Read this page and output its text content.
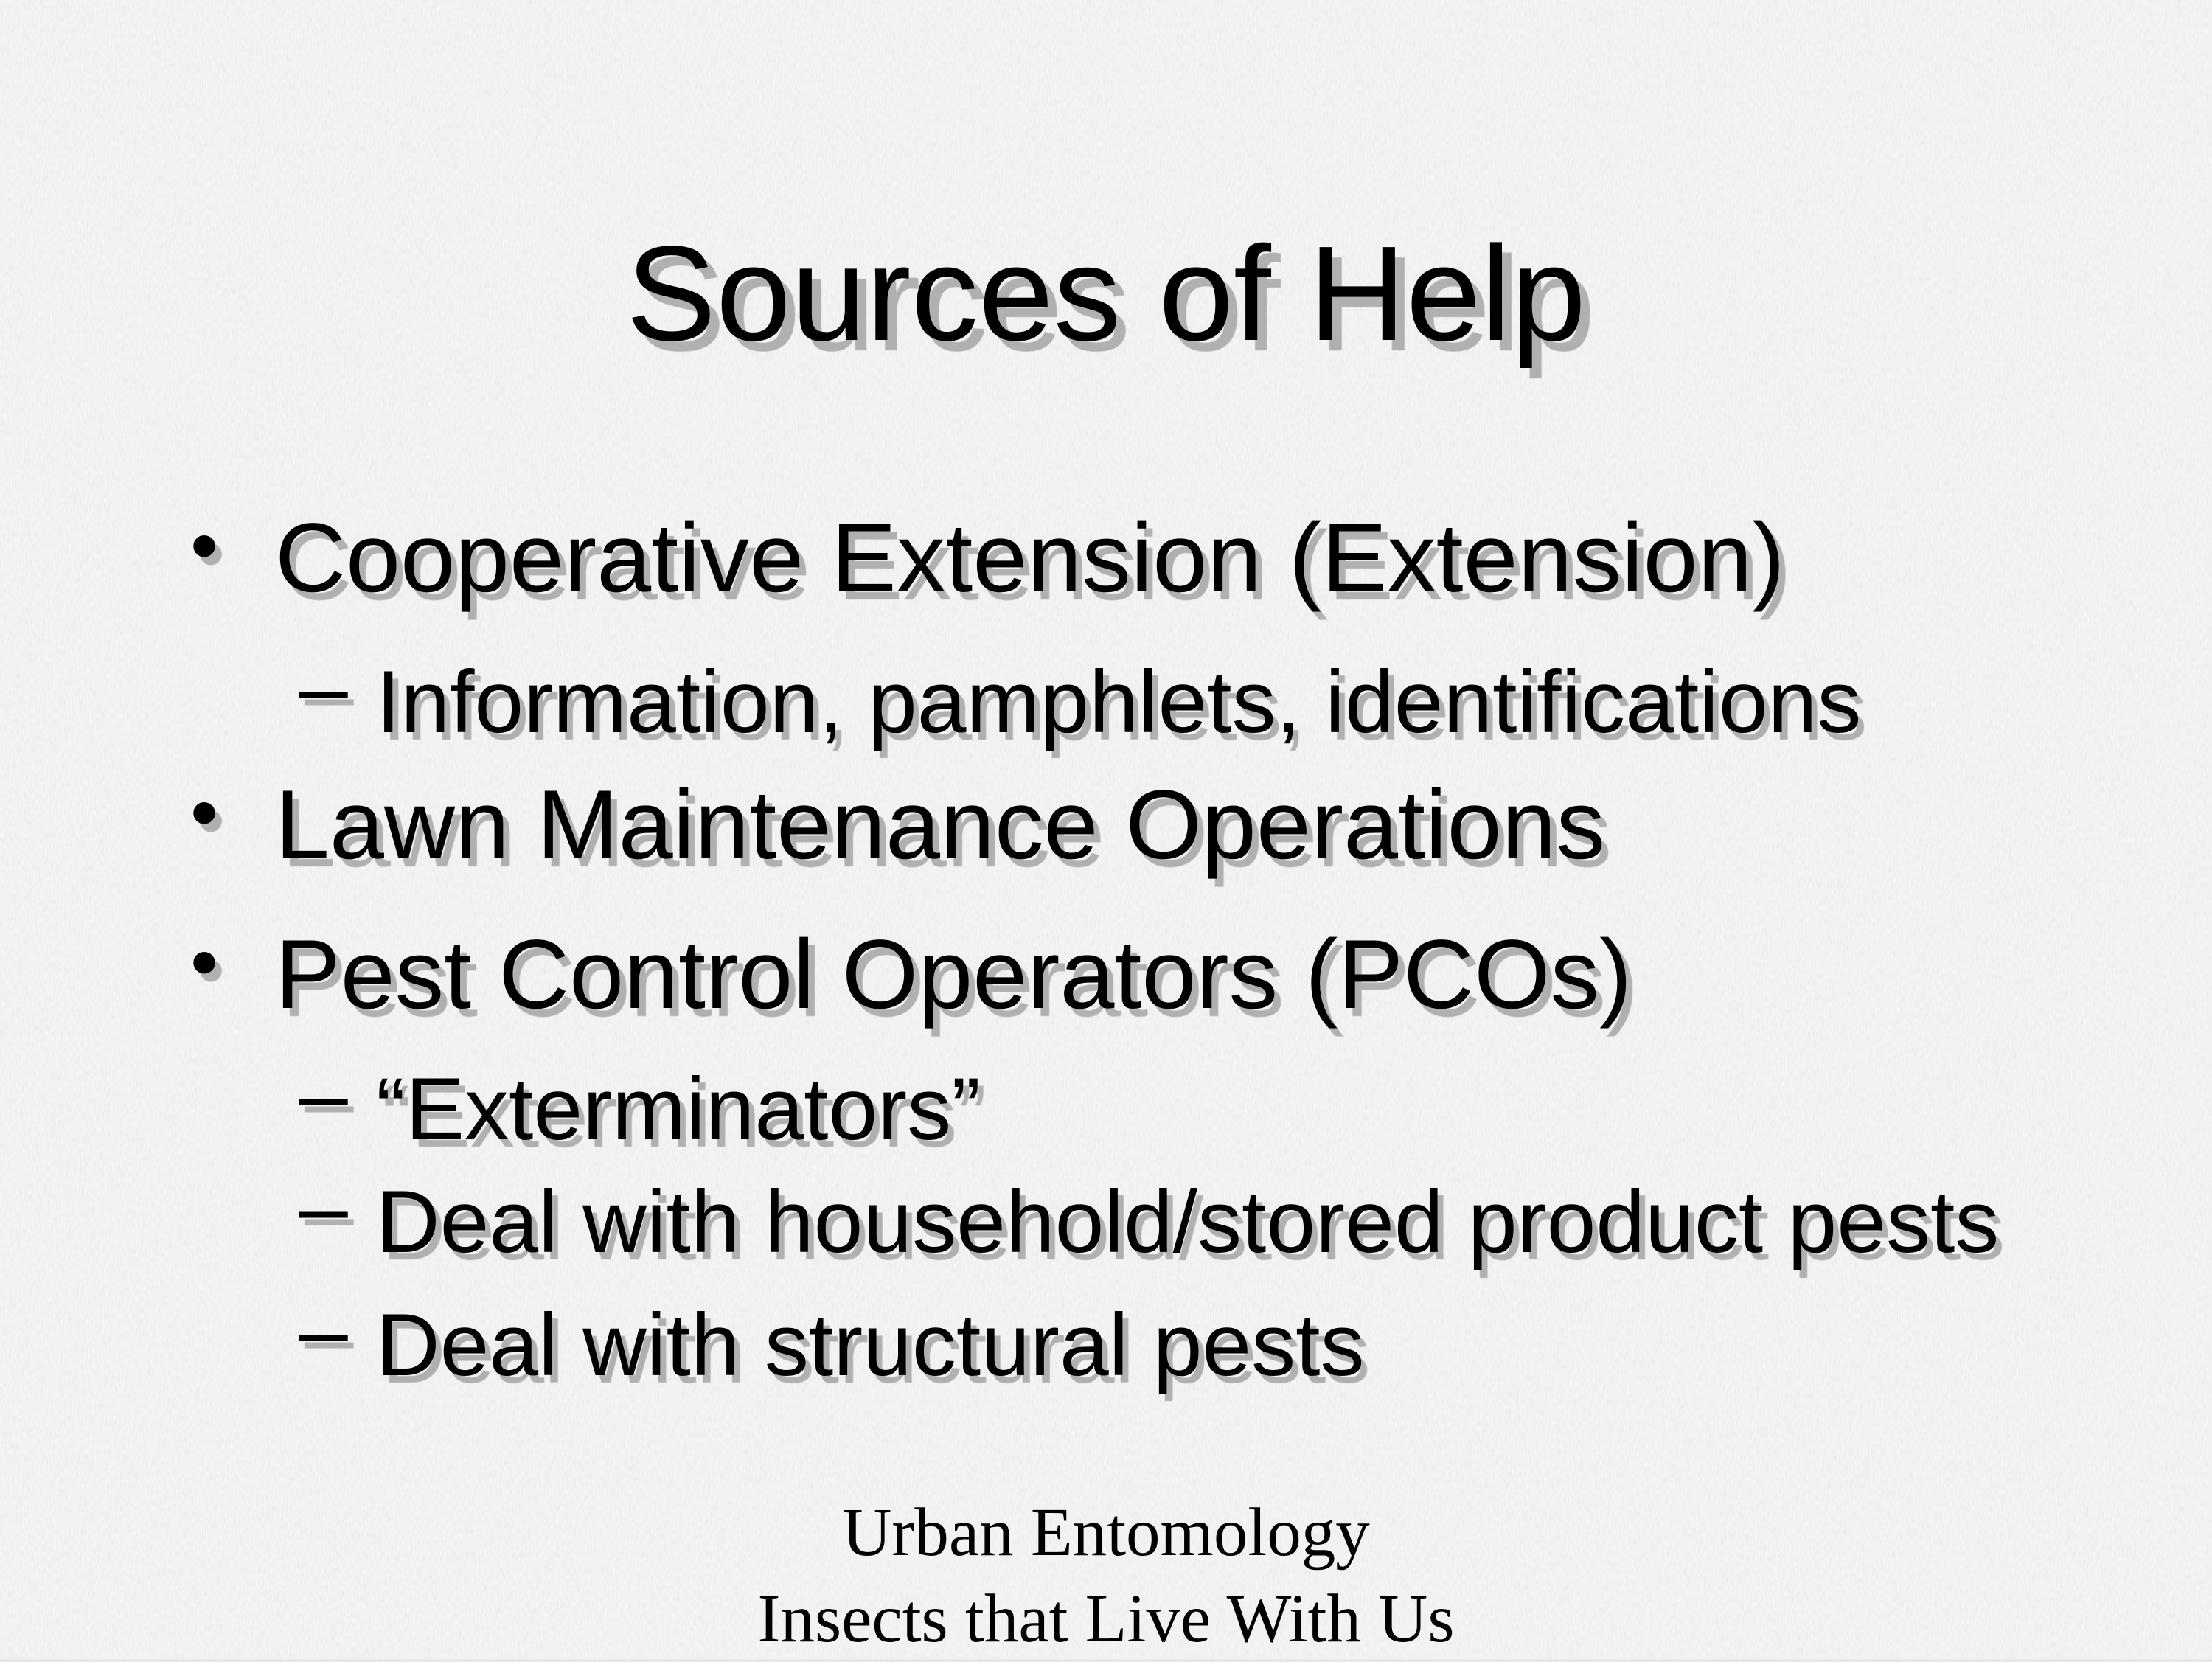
Sources of Help
• Cooperative Extension (Extension)
– Information, pamphlets, identifications
• Lawn Maintenance Operations
• Pest Control Operators (PCOs)
– “Exterminators”
– Deal with household/stored product pests
– Deal with structural pests
Urban Entomology
Insects that Live With Us
